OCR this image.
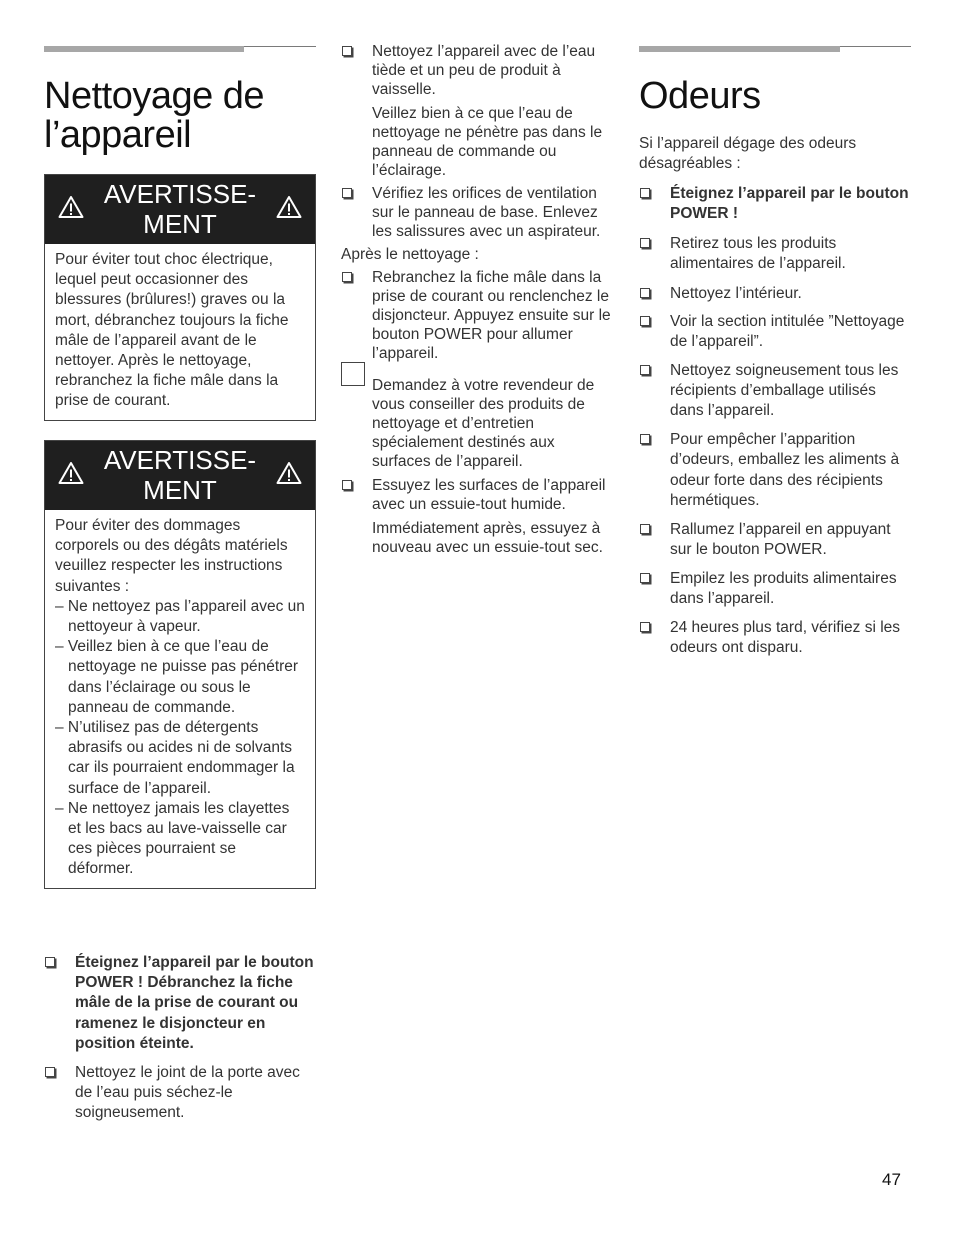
Nettoyage de
l’appareil
AVERTISSE-
MENT

Pour éviter tout choc électrique, lequel peut occasionner des blessures (brûlures!) graves ou la mort, débranchez toujours la fiche mâle de l’appareil avant de le nettoyer. Après le nettoyage, rebranchez la fiche mâle dans la prise de courant.

AVERTISSE-
MENT

Pour éviter des dommages corporels ou des dégâts matériels veuillez respecter les instructions suivantes :

– Ne nettoyez pas l’appareil avec un nettoyeur à vapeur.

– Veillez bien à ce que l’eau de nettoyage ne puisse pas pénétrer dans l’éclairage ou sous le panneau de commande.

– N’utilisez pas de détergents abrasifs ou acides ni de solvants car ils pourraient endommager la surface de l’appareil.

– Ne nettoyez jamais les clayettes et les bacs au lave-vaisselle car ces pièces pourraient se déformer.

Éteignez l’appareil par le bouton POWER ! Débranchez la fiche mâle de la prise de courant ou ramenez le disjoncteur en position éteinte.

Nettoyez le joint de la porte avec de l’eau puis séchez-le soigneusement.

Nettoyez l’appareil avec de l’eau tiède et un peu de produit à vaisselle.

Veillez bien à ce que l’eau de nettoyage ne pénètre pas dans le panneau de commande ou l’éclairage.

Vérifiez les orifices de ventilation sur le panneau de base. Enlevez les salissures avec un aspirateur.

Après le nettoyage :

Rebranchez la fiche mâle dans la prise de courant ou renclenchez le disjoncteur. Appuyez ensuite sur le bouton POWER pour allumer l’appareil.

Demandez à votre revendeur de vous conseiller des produits de nettoyage et d’entretien spécialement destinés aux surfaces de l’appareil.

Essuyez les surfaces de l’appareil avec un essuie-tout humide.

Immédiatement après, essuyez à nouveau avec un essuie-tout sec.

Odeurs

Si l’appareil dégage des odeurs désagréables :

Éteignez l’appareil par le bouton POWER !

Retirez tous les produits alimentaires de l’appareil.

Nettoyez l’intérieur.

Voir la section intitulée ”Nettoyage de l’appareil”.

Nettoyez soigneusement tous les récipients d’emballage utilisés dans l’appareil.

Pour empêcher l’apparition d’odeurs, emballez les aliments à odeur forte dans des récipients hermétiques.

Rallumez l’appareil en appuyant sur le bouton POWER.

Empilez les produits alimentaires dans l’appareil.

24 heures plus tard, vérifiez si les odeurs ont disparu.

47
